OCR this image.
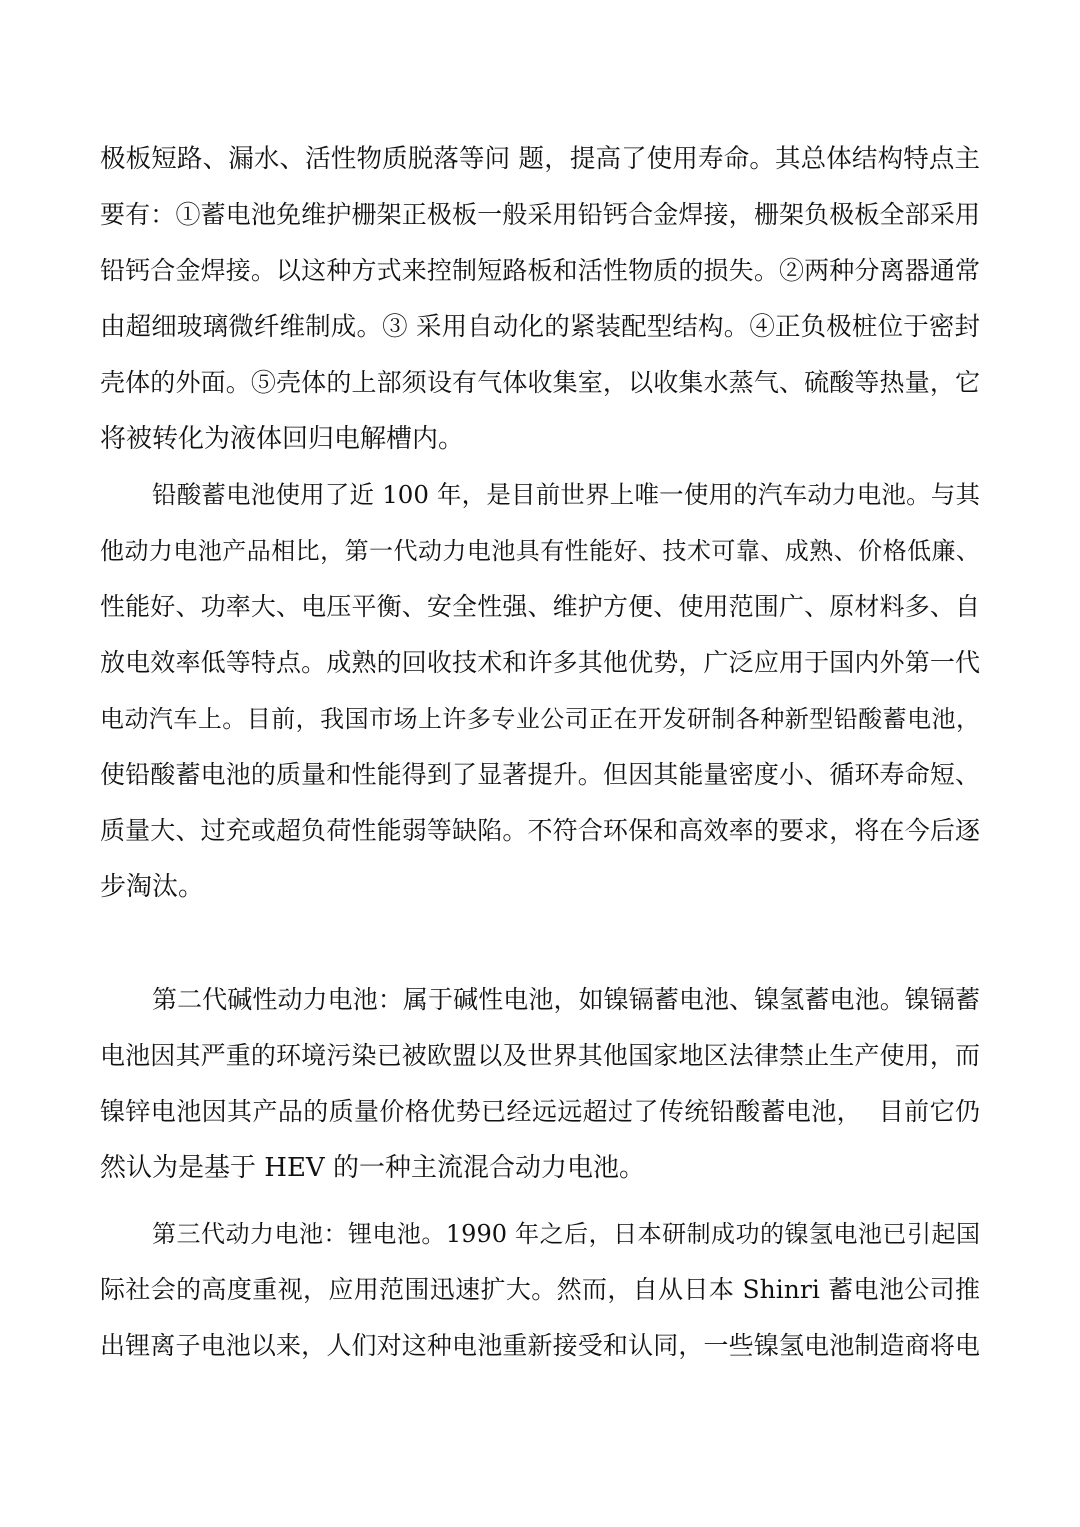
极板短路、漏水、活性物质脱落等问 题，提高了使用寿命。其总体结构特点主
要有：①蓄电池免维护栅架正极板一般采用铅钙合金焊接，栅架负极板全部采用
铅钙合金焊接。以这种方式来控制短路板和活性物质的损失。②两种分离器通常
由超细玻璃微纤维制成。③ 采用自动化的紧装配型结构。④正负极桩位于密封
壳体的外面。⑤壳体的上部须设有气体收集室，以收集水蒸气、硫酸等热量，它
将被转化为液体回归电解槽内。
铅酸蓄电池使用了近 100 年，是目前世界上唯一使用的汽车动力电池。与其
他动力电池产品相比，第一代动力电池具有性能好、技术可靠、成熟、价格低廉、
性能好、功率大、电压平衡、安全性强、维护方便、使用范围广、原材料多、自
放电效率低等特点。成熟的回收技术和许多其他优势，广泛应用于国内外第一代
电动汽车上。目前，我国市场上许多专业公司正在开发研制各种新型铅酸蓄电池，
使铅酸蓄电池的质量和性能得到了显著提升。但因其能量密度小、循环寿命短、
质量大、过充或超负荷性能弱等缺陷。不符合环保和高效率的要求，将在今后逐
步淘汰。
第二代碱性动力电池：属于碱性电池，如镍镉蓄电池、镍氢蓄电池。镍镉蓄
电池因其严重的环境污染已被欧盟以及世界其他国家地区法律禁止生产使用，而
镍锌电池因其产品的质量价格优势已经远远超过了传统铅酸蓄电池，  目前它仍
然认为是基于 HEV 的一种主流混合动力电池。
第三代动力电池：锂电池。1990 年之后，日本研制成功的镍氢电池已引起国
际社会的高度重视，应用范围迅速扩大。然而，自从日本 Shinri 蓄电池公司推
出锂离子电池以来，人们对这种电池重新接受和认同，一些镍氢电池制造商将电
